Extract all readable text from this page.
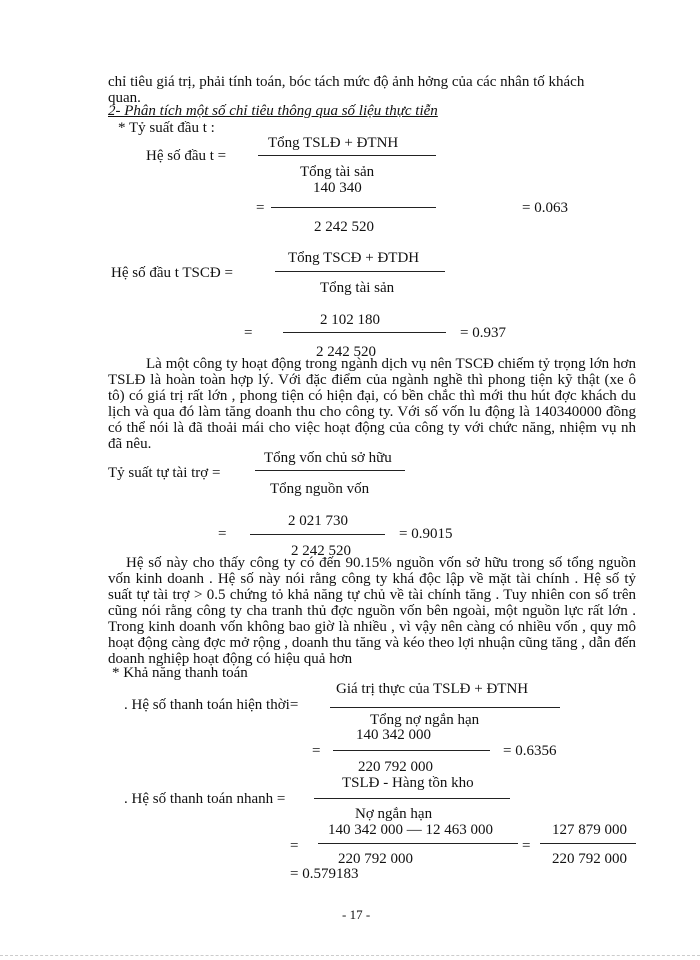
chỉ tiêu giá trị, phải tính toán, bóc tách mức độ ảnh hởng của các nhân tố khách
quan.
2- Phân tích một số chỉ tiêu thông qua số liệu thực tiễn
* Tỷ suất đầu t :
Tổng TSLĐ + ĐTNH
Hệ số đầu t =
Tổng tài sản
140 340
=	= 0.063
2 242 520
Tổng TSCĐ + ĐTDH
Hệ số đầu t TSCĐ =
Tổng tài sản
2 102 180
=	= 0.937
2 242 520
Là một công ty hoạt động trong ngành dịch vụ nên TSCĐ chiếm tỷ trọng lớn hơn TSLĐ là hoàn toàn hợp lý. Với đặc điểm của ngành nghề thì phong tiện kỹ thật (xe ô tô) có giá trị rất lớn , phong tiện có hiện đại, có bền chắc thì mới thu hút đợc khách du lịch và qua đó làm tăng doanh thu cho công ty. Với số vốn lu động là 140340000 đồng có thể nói là đã thoải mái cho việc hoạt động của công ty với chức năng, nhiệm vụ nh đã nêu.
Tổng vốn chủ sở hữu
Tỷ suất tự tài trợ =
Tổng nguồn vốn
2 021 730
=	= 0.9015
2 242 520
Hệ số này cho thấy công ty có đến 90.15% nguồn vốn sở hữu trong số tổng nguồn vốn kinh doanh . Hệ số này nói rằng công ty khá độc lập về mặt tài chính . Hệ số tỷ suất tự tài trợ > 0.5 chứng tỏ khả năng tự chủ về tài chính tăng . Tuy nhiên con số trên cũng nói rằng công ty cha tranh thủ đợc nguồn vốn bên ngoài, một nguồn lực rất lớn . Trong kinh doanh vốn không bao giờ là nhiều , vì vậy nên càng có nhiều vốn , quy mô hoạt động càng đợc mở rộng , doanh thu tăng và kéo theo lợi nhuận cũng tăng , dẫn đến doanh nghiệp hoạt động có hiệu quả hơn
* Khả năng thanh toán
Giá trị thực của TSLĐ + ĐTNH
. Hệ số thanh toán hiện thời=
Tổng nợ ngắn hạn
140 342 000
=	= 0.6356
220 792 000
TSLĐ - Hàng tồn kho
. Hệ số thanh toán nhanh =
Nợ ngắn hạn
140 342 000 — 12 463 000	127 879 000
=	=
220 792 000	220 792 000
= 0.579183
- 17 -
